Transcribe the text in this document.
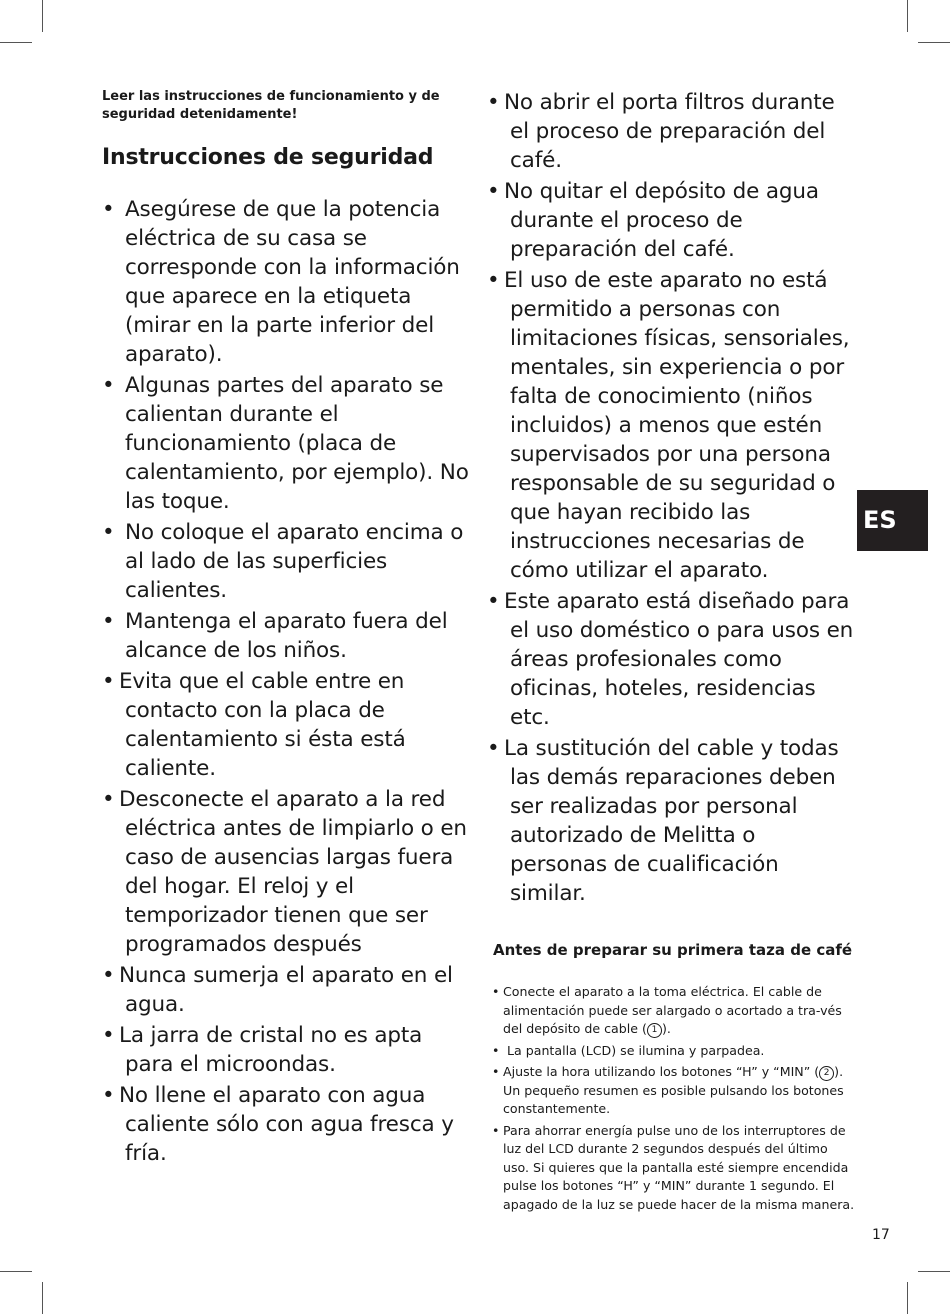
Leer las instrucciones de funcionamiento y de seguridad detenidamente!
Instrucciones de seguridad
• Asegúrese de que la potencia eléctrica de su casa se corresponde con la información que aparece en la etiqueta (mirar en la parte inferior del aparato).
• Algunas partes del aparato se calientan durante el funcionamiento (placa de calentamiento, por ejemplo). No las toque.
• No coloque el aparato encima o al lado de las superficies calientes.
• Mantenga el aparato fuera del alcance de los niños.
• Evita que el cable entre en contacto con la placa de calentamiento si ésta está caliente.
• Desconecte el aparato a la red eléctrica antes de limpiarlo o en caso de ausencias largas fuera del hogar. El reloj y el temporizador tienen que ser programados después
• Nunca sumerja el aparato en el agua.
• La jarra de cristal no es apta para el microondas.
• No llene el aparato con agua caliente sólo con agua fresca y fría.
• No abrir el porta filtros durante el proceso de preparación del café.
• No quitar el depósito de agua durante el proceso de preparación del café.
• El uso de este aparato no está permitido a personas con limitaciones físicas, sensoriales, mentales, sin experiencia o por falta de conocimiento (niños incluidos) a menos que estén supervisados por una persona responsable de su seguridad o que hayan recibido las instrucciones necesarias de cómo utilizar el aparato.
• Este aparato está diseñado para el uso doméstico o para usos en áreas profesionales como oficinas, hoteles, residencias etc.
• La sustitución del cable y todas las demás reparaciones deben ser realizadas por personal autorizado de Melitta o personas de cualificación similar.
ES
Antes de preparar su primera taza de café
• Conecte el aparato a la toma eléctrica. El cable de alimentación puede ser alargado o acortado a tra-vés del depósito de cable ( 1 ).
• La pantalla (LCD) se ilumina y parpadea.
• Ajuste la hora utilizando los botones “H” y “MIN” ( 2 ). Un pequeño resumen es posible pulsando los botones constantemente.
• Para ahorrar energía pulse uno de los interruptores de luz del LCD durante 2 segundos después del último uso. Si quieres que la pantalla esté siempre encendida pulse los botones “H” y “MIN” durante 1 segundo. El apagado de la luz se puede hacer de la misma manera.
17
